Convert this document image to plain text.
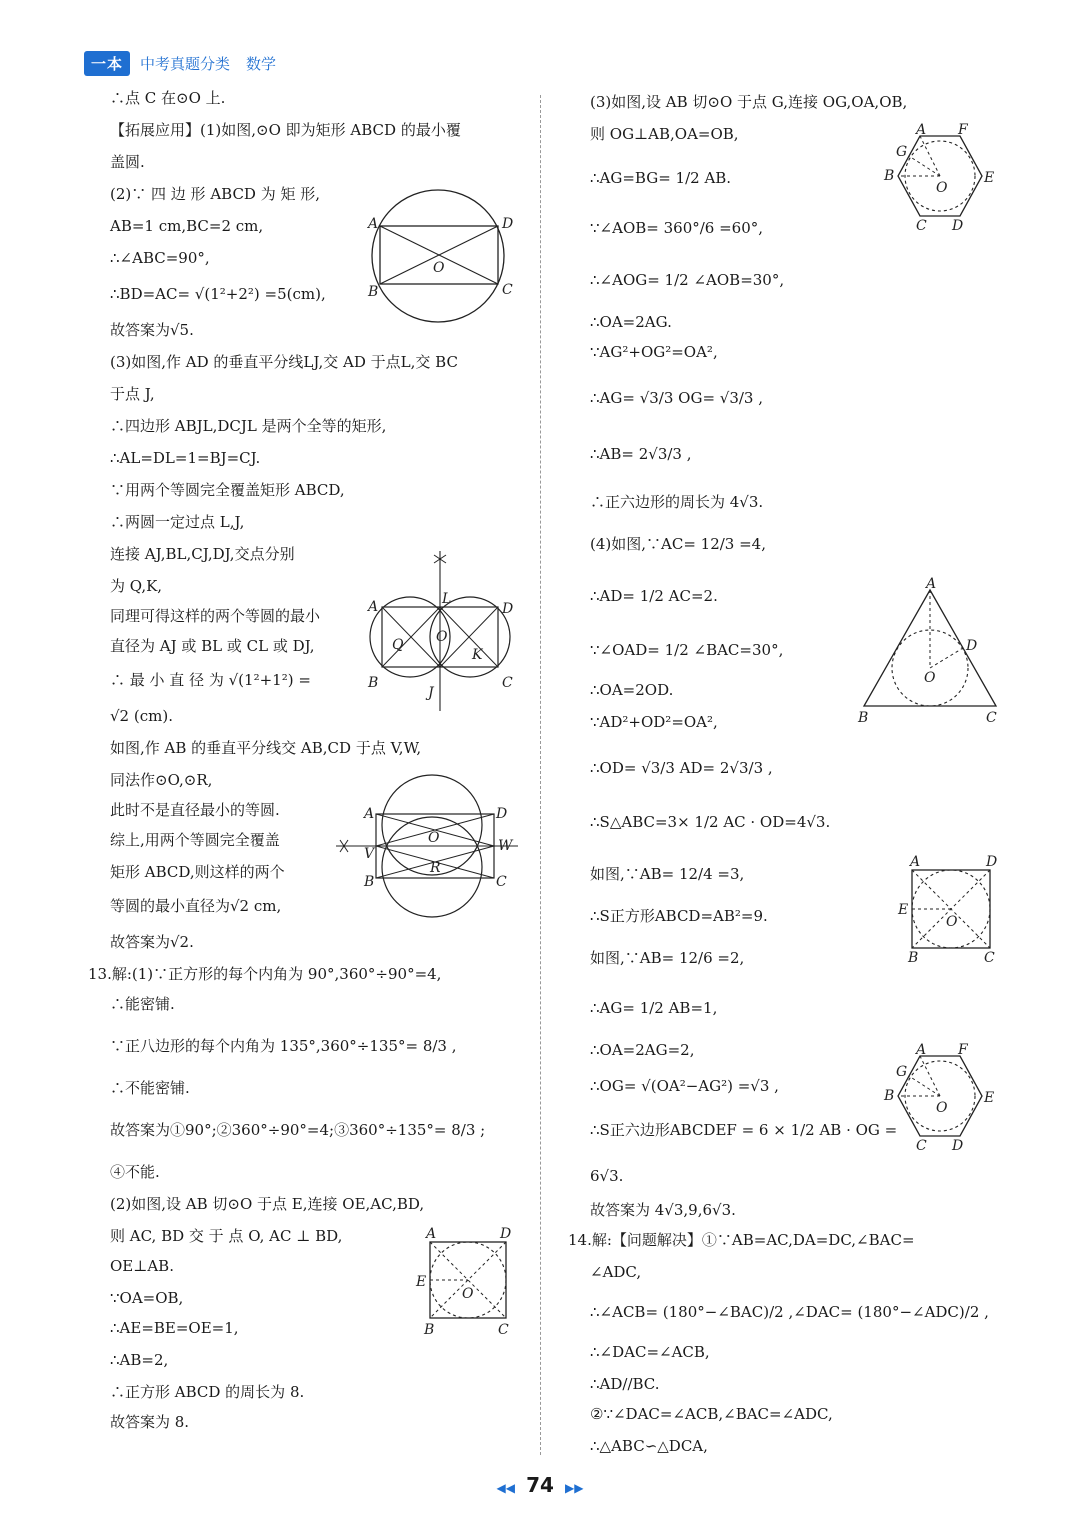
一本	中考真题分类 数学
∴点 C 在⊙O 上.
【拓展应用】(1)如图,⊙O 即为矩形 ABCD 的最小覆
盖圆.
(2)∵ 四 边 形 ABCD 为 矩 形,
AB=1 cm,BC=2 cm,
∴∠ABC=90°,
∴BD=AC= √(1²+2²) =5(cm),
故答案为√5.
(3)如图,作 AD 的垂直平分线LJ,交 AD 于点L,交 BC
于点 J,
∴四边形 ABJL,DCJL 是两个全等的矩形,
∴AL=DL=1=BJ=CJ.
∵用两个等圆完全覆盖矩形 ABCD,
∴两圆一定过点 L,J,
连接 AJ,BL,CJ,DJ,交点分别
为 Q,K,
同理可得这样的两个等圆的最小
直径为 AJ 或 BL 或 CL 或 DJ,
∴ 最 小 直 径 为 √(1²+1²) =
√2 (cm).
如图,作 AB 的垂直平分线交 AB,CD 于点 V,W,
同法作⊙O,⊙R,
此时不是直径最小的等圆.
综上,用两个等圆完全覆盖
矩形 ABCD,则这样的两个
等圆的最小直径为√2 cm,
故答案为√2.
13.解:(1)∵正方形的每个内角为 90°,360°÷90°=4,
∴能密铺.
∵正八边形的每个内角为 135°,360°÷135°= 8/3 ,
∴不能密铺.
故答案为①90°;②360°÷90°=4;③360°÷135°= 8/3 ;
④不能.
(2)如图,设 AB 切⊙O 于点 E,连接 OE,AC,BD,
则 AC, BD 交 于 点 O, AC ⊥ BD,
OE⊥AB.
∵OA=OB,
∴AE=BE=OE=1,
∴AB=2,
∴正方形 ABCD 的周长为 8.
故答案为 8.
(3)如图,设 AB 切⊙O 于点 G,连接 OG,OA,OB,
则 OG⊥AB,OA=OB,
∴AG=BG= 1/2 AB.
∵∠AOB= 360°/6 =60°,
∴∠AOG= 1/2 ∠AOB=30°,
∴OA=2AG.
∵AG²+OG²=OA²,
∴AG= √3/3 OG= √3/3 ,
∴AB= 2√3/3 ,
∴正六边形的周长为 4√3.
(4)如图,∵AC= 12/3 =4,
∴AD= 1/2 AC=2.
∵∠OAD= 1/2 ∠BAC=30°,
∴OA=2OD.
∵AD²+OD²=OA²,
∴OD= √3/3 AD= 2√3/3 ,
∴S△ABC=3× 1/2 AC · OD=4√3.
如图,∵AB= 12/4 =3,
∴S正方形ABCD=AB²=9.
如图,∵AB= 12/6 =2,
∴AG= 1/2 AB=1,
∴OA=2AG=2,
∴OG= √(OA²−AG²) =√3 ,
∴S正六边形ABCDEF = 6 × 1/2 AB · OG =
6√3.
故答案为 4√3,9,6√3.
14.解:【问题解决】①∵AB=AC,DA=DC,∠BAC=
∠ADC,
∴∠ACB= (180°−∠BAC)/2 ,∠DAC= (180°−∠ADC)/2 ,
∴∠DAC=∠ACB,
∴AD//BC.
②∵∠DAC=∠ACB,∠BAC=∠ADC,
∴△ABC∽△DCA,
A	D
B	C
O
A	D
B	C
L
J
Q
K
O
A	D
B	C
V	W
O
R
A	D
E
O
B	C
A F
G
B	E
O
C D
A
D
O
B	C
A	D
E
O
B	C
A F
G
B	E
O
C D
◀◀ 74 ▶▶
